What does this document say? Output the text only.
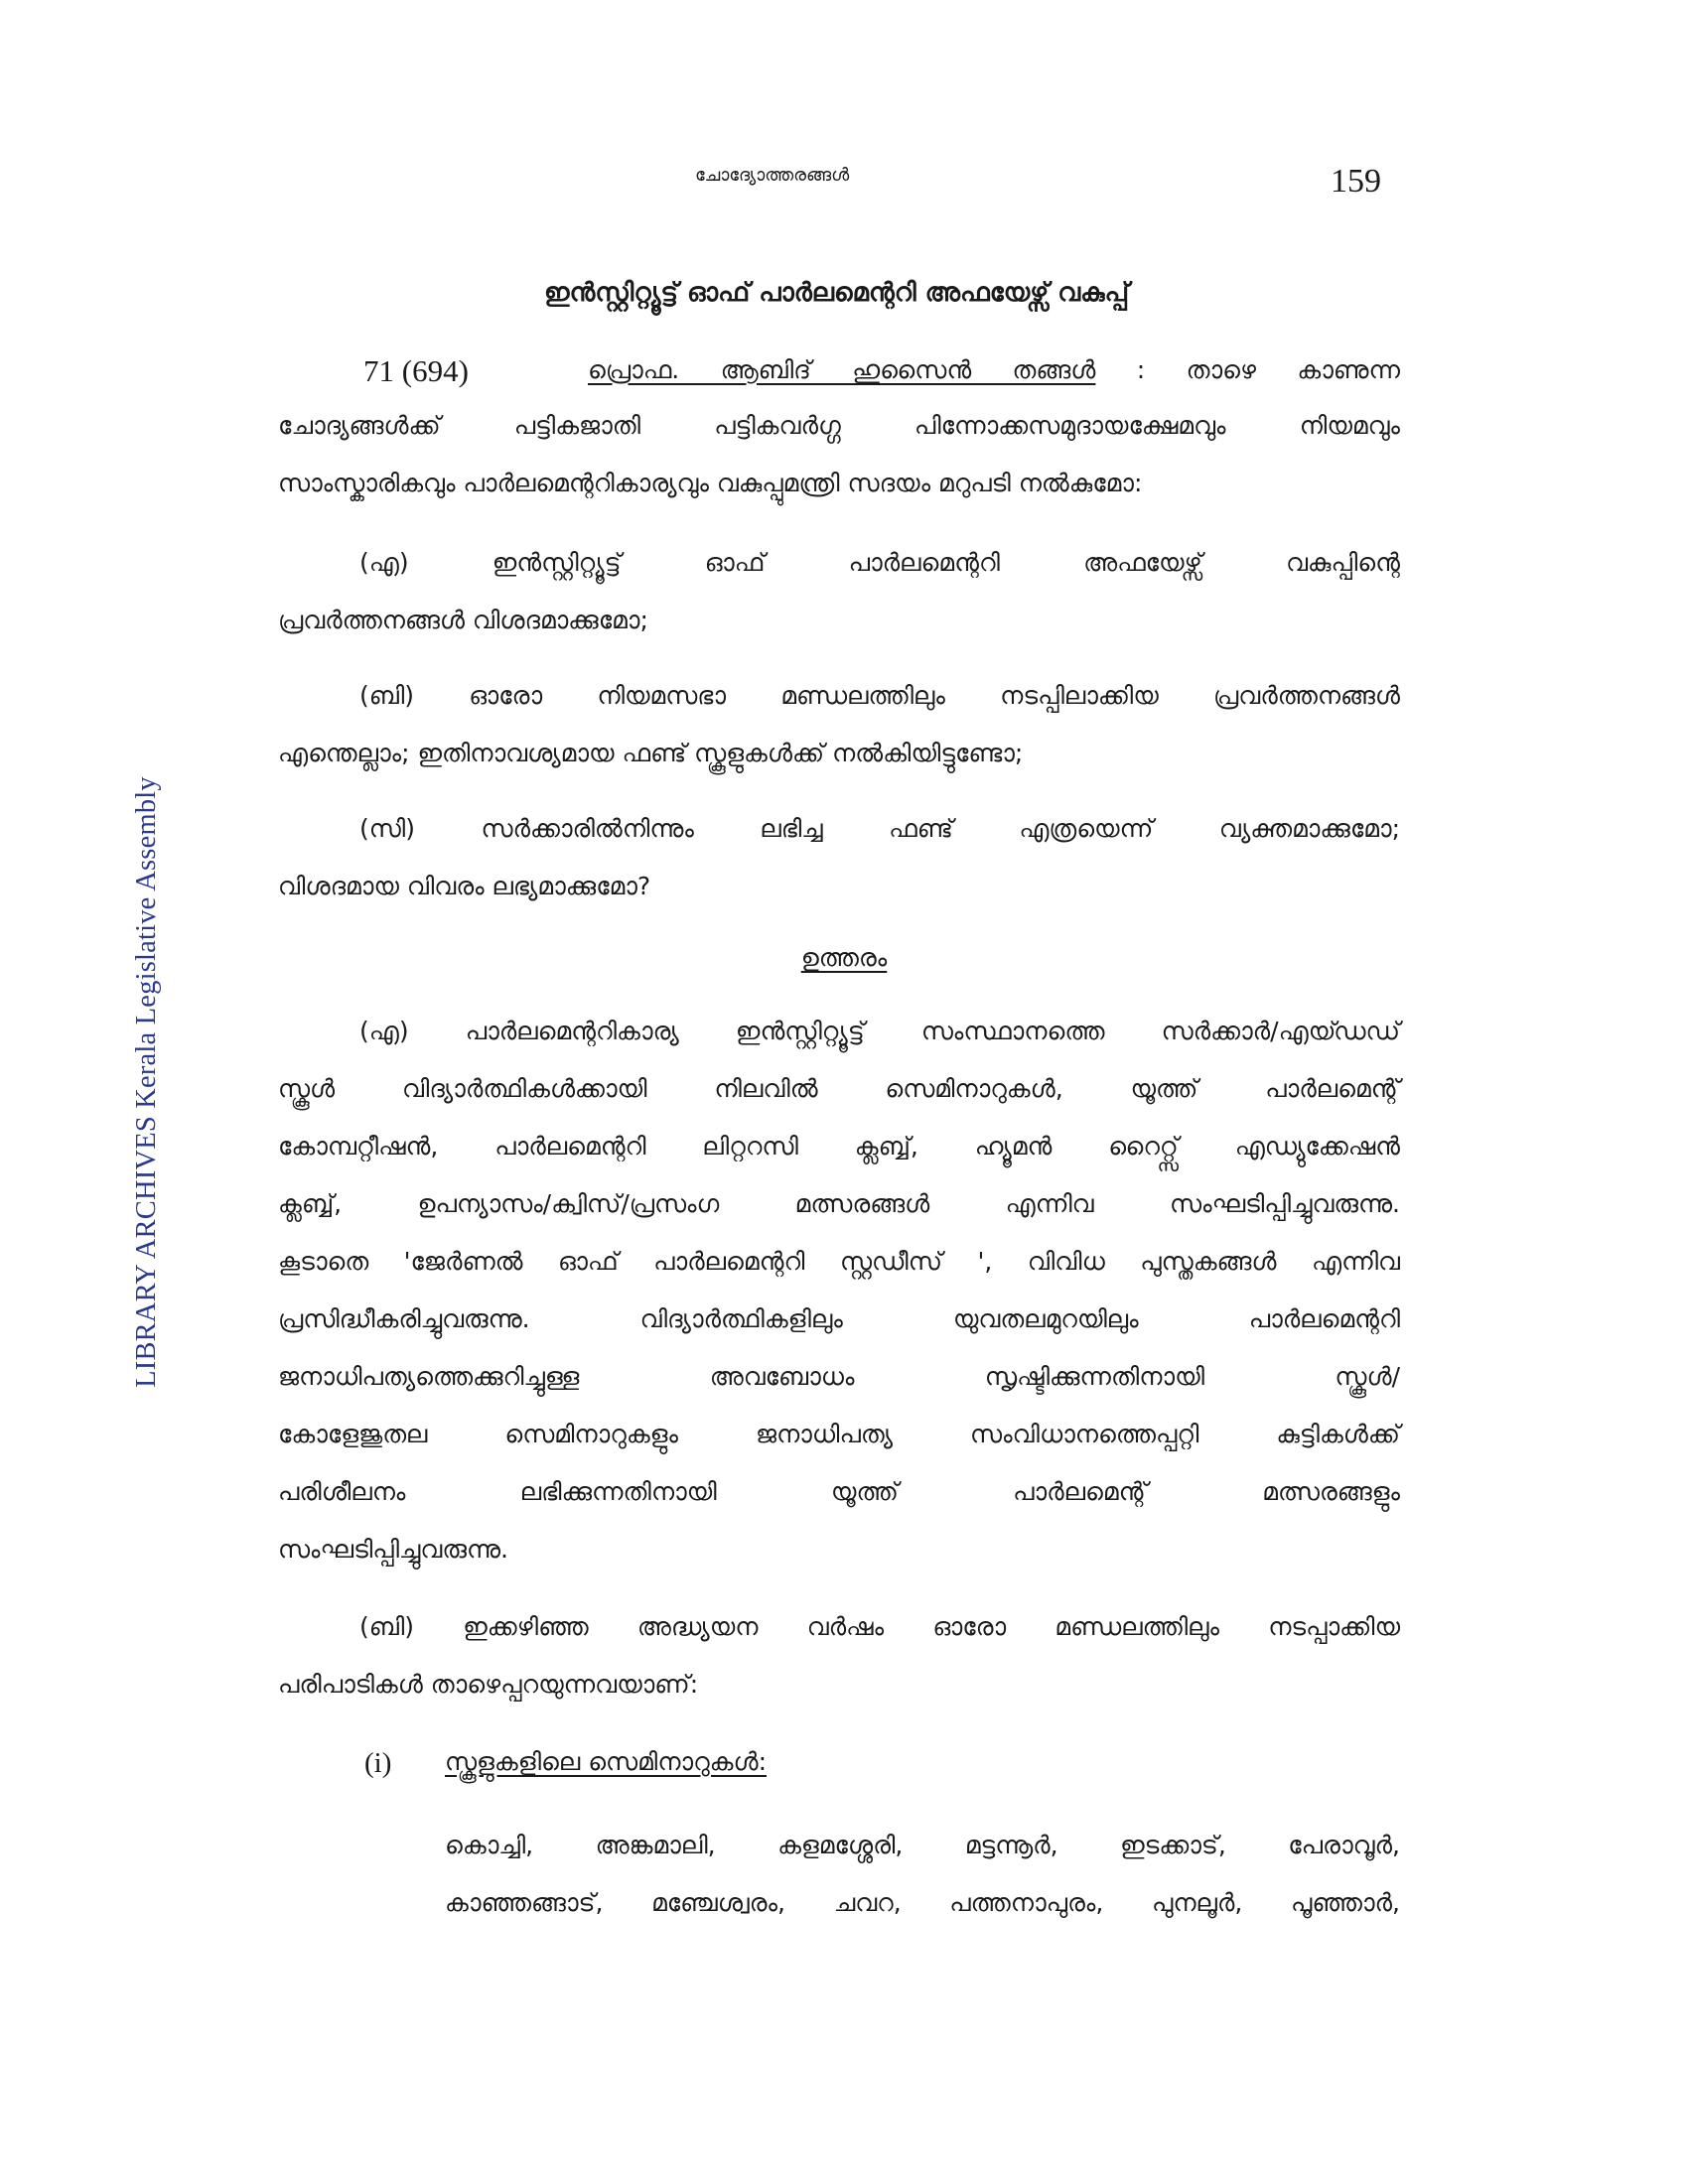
LIBRARY ARCHIVES Kerala Legislative Assembly
ചോദ്യോത്തരങ്ങൾ	159
ഇൻസ്റ്റിറ്റ്യൂട്ട് ഓഫ് പാർലമെന്ററി അഫയേഴ്സ് വകുപ്പ്
71 (694)	പ്രൊഫ. ആബിദ് ഹുസൈൻ തങ്ങൾ : താഴെ കാണുന്ന
ചോദ്യങ്ങൾക്ക് പട്ടികജാതി പട്ടികവർഗ്ഗ പിന്നോക്കസമുദായക്ഷേമവും നിയമവും
സാംസ്കാരികവും പാർലമെന്ററികാര്യവും വകുപ്പുമന്ത്രി സദയം മറുപടി നൽകുമോ:
(എ) ഇൻസ്റ്റിറ്റ്യൂട്ട് ഓഫ് പാർലമെന്ററി അഫയേഴ്സ് വകുപ്പിന്റെ
പ്രവർത്തനങ്ങൾ വിശദമാക്കുമോ;
(ബി) ഓരോ നിയമസഭാ മണ്ഡലത്തിലും നടപ്പിലാക്കിയ പ്രവർത്തനങ്ങൾ
എന്തെല്ലാം; ഇതിനാവശ്യമായ ഫണ്ട് സ്കൂളുകൾക്ക് നൽകിയിട്ടുണ്ടോ;
(സി) സർക്കാരിൽനിന്നും ലഭിച്ച ഫണ്ട് എത്രയെന്ന് വ്യക്തമാക്കുമോ;
വിശദമായ വിവരം ലഭ്യമാക്കുമോ?
ഉത്തരം
(എ) പാർലമെന്ററികാര്യ ഇൻസ്റ്റിറ്റ്യൂട്ട് സംസ്ഥാനത്തെ സർക്കാർ/എയ്ഡഡ്
സ്കൂൾ വിദ്യാർത്ഥികൾക്കായി നിലവിൽ സെമിനാറുകൾ, യൂത്ത് പാർലമെന്റ്
കോമ്പറ്റീഷൻ, പാർലമെന്ററി ലിറ്ററസി ക്ലബ്ബ്, ഹ്യൂമൻ റൈറ്റ്സ് എഡ്യുക്കേഷൻ
ക്ലബ്ബ്, ഉപന്യാസം/ക്വിസ്/പ്രസംഗ മത്സരങ്ങൾ എന്നിവ സംഘടിപ്പിച്ചുവരുന്നു.
കൂടാതെ 'ജേർണൽ ഓഫ് പാർലമെന്ററി സ്റ്റഡീസ് ', വിവിധ പുസ്തകങ്ങൾ എന്നിവ
പ്രസിദ്ധീകരിച്ചുവരുന്നു. വിദ്യാർത്ഥികളിലും യുവതലമുറയിലും പാർലമെന്ററി
ജനാധിപത്യത്തെക്കുറിച്ചുള്ള അവബോധം സൃഷ്ടിക്കുന്നതിനായി സ്കൂൾ/
കോളേജുതല സെമിനാറുകളും ജനാധിപത്യ സംവിധാനത്തെപ്പറ്റി കുട്ടികൾക്ക്
പരിശീലനം ലഭിക്കുന്നതിനായി യൂത്ത് പാർലമെന്റ് മത്സരങ്ങളും
സംഘടിപ്പിച്ചുവരുന്നു.
(ബി) ഇക്കഴിഞ്ഞ അദ്ധ്യയന വർഷം ഓരോ മണ്ഡലത്തിലും നടപ്പാക്കിയ
പരിപാടികൾ താഴെപ്പറയുന്നവയാണ്:
(i) സ്കൂളുകളിലെ സെമിനാറുകൾ:
കൊച്ചി, അങ്കമാലി, കളമശ്ശേരി, മട്ടന്നൂർ, ഇടക്കാട്, പേരാവൂർ,
കാഞ്ഞങ്ങാട്, മഞ്ചേശ്വരം, ചവറ, പത്തനാപുരം, പുനലൂർ, പൂഞ്ഞാർ,
